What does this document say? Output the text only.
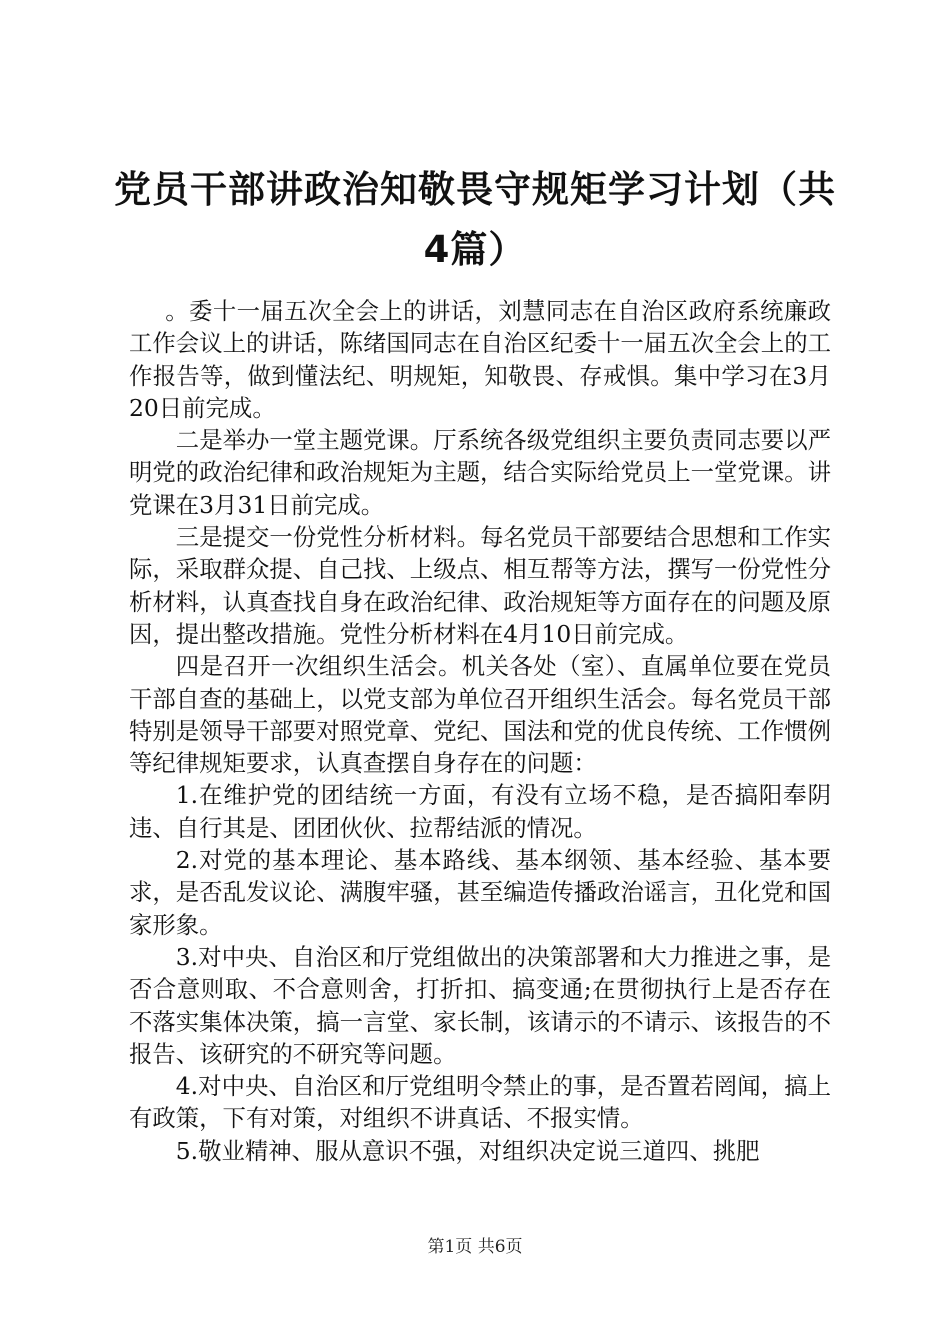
党员干部讲政治知敬畏守规矩学习计划（共4篇）

。委十一届五次全会上的讲话，刘慧同志在自治区政府系统廉政工作会议上的讲话，陈绪国同志在自治区纪委十一届五次全会上的工作报告等，做到懂法纪、明规矩，知敬畏、存戒惧。集中学习在3月20日前完成。

二是举办一堂主题党课。厅系统各级党组织主要负责同志要以严明党的政治纪律和政治规矩为主题，结合实际给党员上一堂党课。讲党课在3月31日前完成。

三是提交一份党性分析材料。每名党员干部要结合思想和工作实际，采取群众提、自己找、上级点、相互帮等方法，撰写一份党性分析材料，认真查找自身在政治纪律、政治规矩等方面存在的问题及原因，提出整改措施。党性分析材料在4月10日前完成。

四是召开一次组织生活会。机关各处（室）、直属单位要在党员干部自查的基础上，以党支部为单位召开组织生活会。每名党员干部特别是领导干部要对照党章、党纪、国法和党的优良传统、工作惯例等纪律规矩要求，认真查摆自身存在的问题：

1.在维护党的团结统一方面，有没有立场不稳，是否搞阳奉阴违、自行其是、团团伙伙、拉帮结派的情况。

2.对党的基本理论、基本路线、基本纲领、基本经验、基本要求，是否乱发议论、满腹牢骚，甚至编造传播政治谣言，丑化党和国家形象。

3.对中央、自治区和厅党组做出的决策部署和大力推进之事，是否合意则取、不合意则舍，打折扣、搞变通;在贯彻执行上是否存在不落实集体决策，搞一言堂、家长制，该请示的不请示、该报告的不报告、该研究的不研究等问题。

4.对中央、自治区和厅党组明令禁止的事，是否置若罔闻，搞上有政策，下有对策，对组织不讲真话、不报实情。

5.敬业精神、服从意识不强，对组织决定说三道四、挑肥

第1页 共6页
